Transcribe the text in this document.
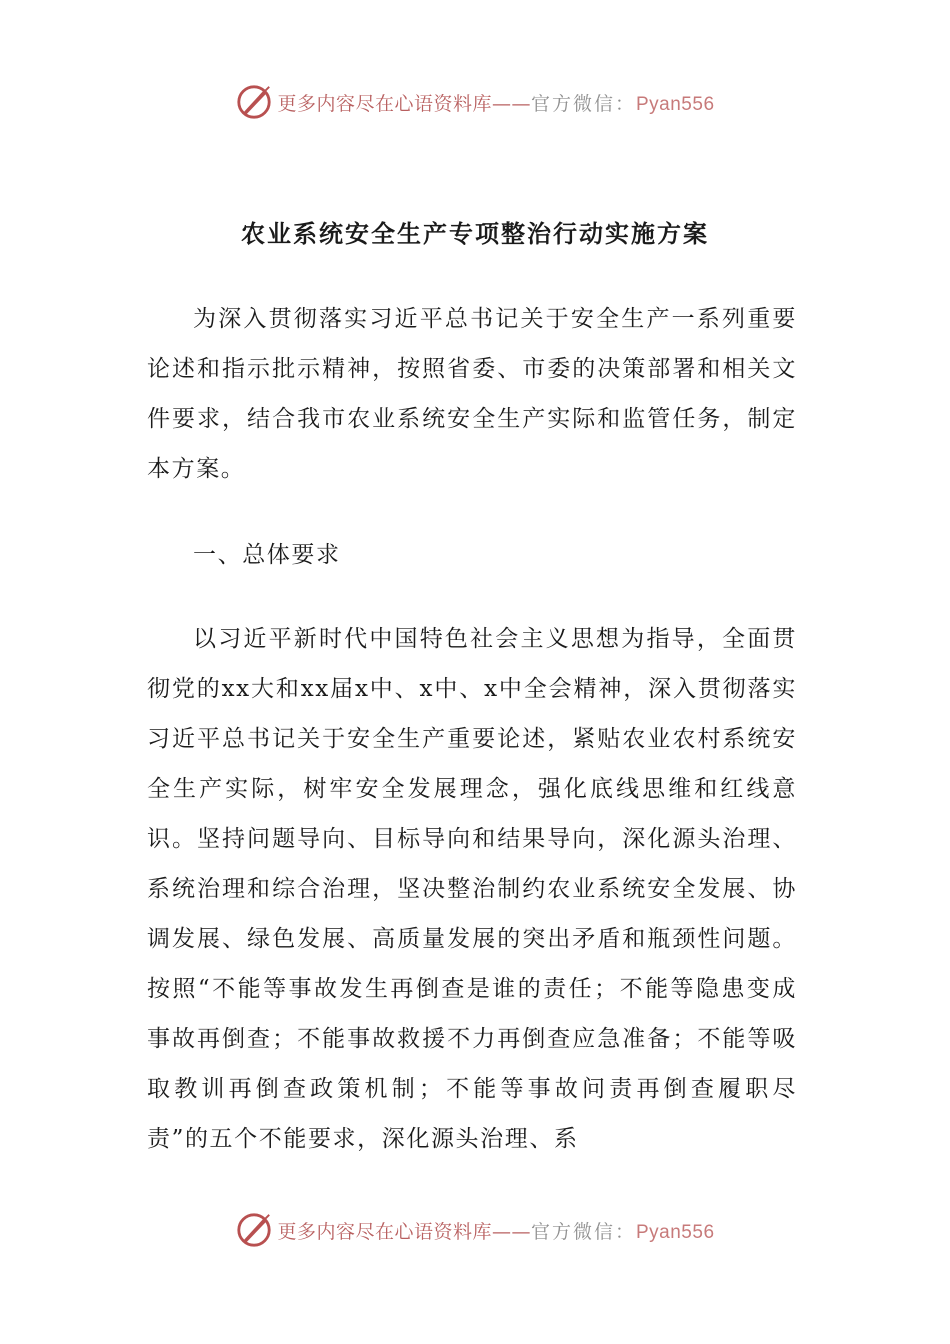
更多内容尽在心语资料库——官方微信：Pyan556
农业系统安全生产专项整治行动实施方案

为深入贯彻落实习近平总书记关于安全生产一系列重要论述和指示批示精神，按照省委、市委的决策部署和相关文件要求，结合我市农业系统安全生产实际和监管任务，制定本方案。

一、总体要求

以习近平新时代中国特色社会主义思想为指导，全面贯彻党的xx大和xx届x中、x中、x中全会精神，深入贯彻落实习近平总书记关于安全生产重要论述，紧贴农业农村系统安全生产实际，树牢安全发展理念，强化底线思维和红线意识。坚持问题导向、目标导向和结果导向，深化源头治理、系统治理和综合治理，坚决整治制约农业系统安全发展、协调发展、绿色发展、高质量发展的突出矛盾和瓶颈性问题。按照“不能等事故发生再倒查是谁的责任；不能等隐患变成事故再倒查；不能事故救援不力再倒查应急准备；不能等吸取教训再倒查政策机制；不能等事故问责再倒查履职尽责”的五个不能要求，深化源头治理、系

更多内容尽在心语资料库——官方微信：Pyan556
